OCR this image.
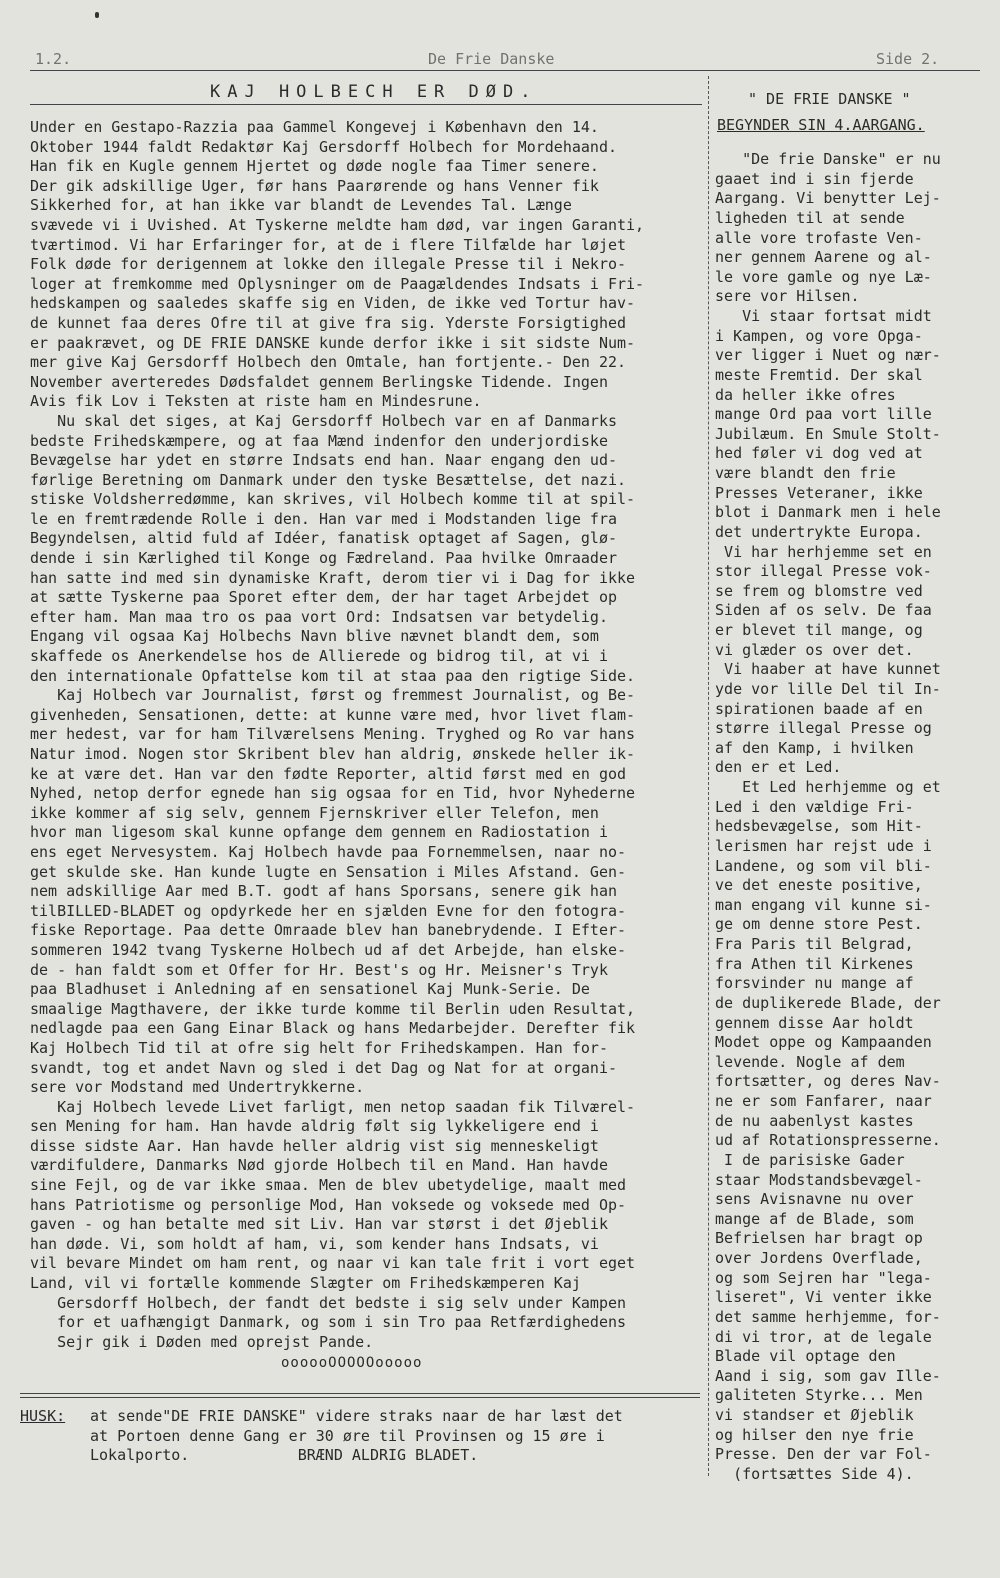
1.2.	De Frie Danske	Side 2.
KAJ HOLBECH ER DØD.
Under en Gestapo-Razzia paa Gammel Kongevej i København den 14.
Oktober 1944 faldt Redaktør Kaj Gersdorff Holbech for Mordehaand.
Han fik en Kugle gennem Hjertet og døde nogle faa Timer senere.
Der gik adskillige Uger, før hans Paarørende og hans Venner fik
Sikkerhed for, at han ikke var blandt de Levendes Tal. Længe
svævede vi i Uvished. At Tyskerne meldte ham død, var ingen Garanti,
tværtimod. Vi har Erfaringer for, at de i flere Tilfælde har løjet
Folk døde for derigennem at lokke den illegale Presse til i Nekro-
loger at fremkomme med Oplysninger om de Paagældendes Indsats i Fri-
hedskampen og saaledes skaffe sig en Viden, de ikke ved Tortur hav-
de kunnet faa deres Ofre til at give fra sig. Yderste Forsigtighed
er paakrævet, og DE FRIE DANSKE kunde derfor ikke i sit sidste Num-
mer give Kaj Gersdorff Holbech den Omtale, han fortjente.- Den 22.
November averteredes Dødsfaldet gennem Berlingske Tidende. Ingen
Avis fik Lov i Teksten at riste ham en Mindesrune.
Nu skal det siges, at Kaj Gersdorff Holbech var en af Danmarks
bedste Frihedskæmpere, og at faa Mænd indenfor den underjordiske
Bevægelse har ydet en større Indsats end han. Naar engang den ud-
førlige Beretning om Danmark under den tyske Besættelse, det nazi.
stiske Voldsherredømme, kan skrives, vil Holbech komme til at spil-
le en fremtrædende Rolle i den. Han var med i Modstanden lige fra
Begyndelsen, altid fuld af Idéer, fanatisk optaget af Sagen, glø-
dende i sin Kærlighed til Konge og Fædreland. Paa hvilke Omraader
han satte ind med sin dynamiske Kraft, derom tier vi i Dag for ikke
at sætte Tyskerne paa Sporet efter dem, der har taget Arbejdet op
efter ham. Man maa tro os paa vort Ord: Indsatsen var betydelig.
Engang vil ogsaa Kaj Holbechs Navn blive nævnet blandt dem, som
skaffede os Anerkendelse hos de Allierede og bidrog til, at vi i
den internationale Opfattelse kom til at staa paa den rigtige Side.
Kaj Holbech var Journalist, først og fremmest Journalist, og Be-
givenheden, Sensationen, dette: at kunne være med, hvor livet flam-
mer hedest, var for ham Tilværelsens Mening. Tryghed og Ro var hans
Natur imod. Nogen stor Skribent blev han aldrig, ønskede heller ik-
ke at være det. Han var den fødte Reporter, altid først med en god
Nyhed, netop derfor egnede han sig ogsaa for en Tid, hvor Nyhederne
ikke kommer af sig selv, gennem Fjernskriver eller Telefon, men
hvor man ligesom skal kunne opfange dem gennem en Radiostation i
ens eget Nervesystem. Kaj Holbech havde paa Fornemmelsen, naar no-
get skulde ske. Han kunde lugte en Sensation i Miles Afstand. Gen-
nem adskillige Aar med B.T. godt af hans Sporsans, senere gik han
tilBILLED-BLADET og opdyrkede her en sjælden Evne for den fotogra-
fiske Reportage. Paa dette Omraade blev han banebrydende. I Efter-
sommeren 1942 tvang Tyskerne Holbech ud af det Arbejde, han elske-
de - han faldt som et Offer for Hr. Best's og Hr. Meisner's Tryk
paa Bladhuset i Anledning af en sensationel Kaj Munk-Serie. De
smaalige Magthavere, der ikke turde komme til Berlin uden Resultat,
nedlagde paa een Gang Einar Black og hans Medarbejder. Derefter fik
Kaj Holbech Tid til at ofre sig helt for Frihedskampen. Han for-
svandt, tog et andet Navn og sled i det Dag og Nat for at organi-
sere vor Modstand med Undertrykkerne.
Kaj Holbech levede Livet farligt, men netop saadan fik Tilværel-
sen Mening for ham. Han havde aldrig følt sig lykkeligere end i
disse sidste Aar. Han havde heller aldrig vist sig menneskeligt
værdifuldere, Danmarks Nød gjorde Holbech til en Mand. Han havde
sine Fejl, og de var ikke smaa. Men de blev ubetydelige, maalt med
hans Patriotisme og personlige Mod, Han voksede og voksede med Op-
gaven - og han betalte med sit Liv. Han var størst i det Øjeblik
han døde. Vi, som holdt af ham, vi, som kender hans Indsats, vi
vil bevare Mindet om ham rent, og naar vi kan tale frit i vort eget
Land, vil vi fortælle kommende Slægter om Frihedskæmperen Kaj
Gersdorff Holbech, der fandt det bedste i sig selv under Kampen
for et uafhængigt Danmark, og som i sin Tro paa Retfærdighedens
Sejr gik i Døden med oprejst Pande.
oooooOOOOOooooo
HUSK: at sende"DE FRIE DANSKE" videre straks naar de har læst det
at Portoen denne Gang er 30 øre til Provinsen og 15 øre i
Lokalporto.            BRÆND ALDRIG BLADET.
" DE FRIE DANSKE "
BEGYNDER SIN 4.AARGANG.
"De frie Danske" er nu
gaaet ind i sin fjerde
Aargang. Vi benytter Lej-
ligheden til at sende
alle vore trofaste Ven-
ner gennem Aarene og al-
le vore gamle og nye Læ-
sere vor Hilsen.
Vi staar fortsat midt
i Kampen, og vore Opga-
ver ligger i Nuet og nær-
meste Fremtid. Der skal
da heller ikke ofres
mange Ord paa vort lille
Jubilæum. En Smule Stolt-
hed føler vi dog ved at
være blandt den frie
Presses Veteraner, ikke
blot i Danmark men i hele
det undertrykte Europa.
Vi har herhjemme set en
stor illegal Presse vok-
se frem og blomstre ved
Siden af os selv. De faa
er blevet til mange, og
vi glæder os over det.
Vi haaber at have kunnet
yde vor lille Del til In-
spirationen baade af en
større illegal Presse og
af den Kamp, i hvilken
den er et Led.
Et Led herhjemme og et
Led i den vældige Fri-
hedsbevægelse, som Hit-
lerismen har rejst ude i
Landene, og som vil bli-
ve det eneste positive,
man engang vil kunne si-
ge om denne store Pest.
Fra Paris til Belgrad,
fra Athen til Kirkenes
forsvinder nu mange af
de duplikerede Blade, der
gennem disse Aar holdt
Modet oppe og Kampaanden
levende. Nogle af dem
fortsætter, og deres Nav-
ne er som Fanfarer, naar
de nu aabenlyst kastes
ud af Rotationspresserne.
I de parisiske Gader
staar Modstandsbevægel-
sens Avisnavne nu over
mange af de Blade, som
Befrielsen har bragt op
over Jordens Overflade,
og som Sejren har "lega-
liseret", Vi venter ikke
det samme herhjemme, for-
di vi tror, at de legale
Blade vil optage den
Aand i sig, som gav Ille-
galiteten Styrke... Men
vi standser et Øjeblik
og hilser den nye frie
Presse. Den der var Fol-
(fortsættes Side 4).
